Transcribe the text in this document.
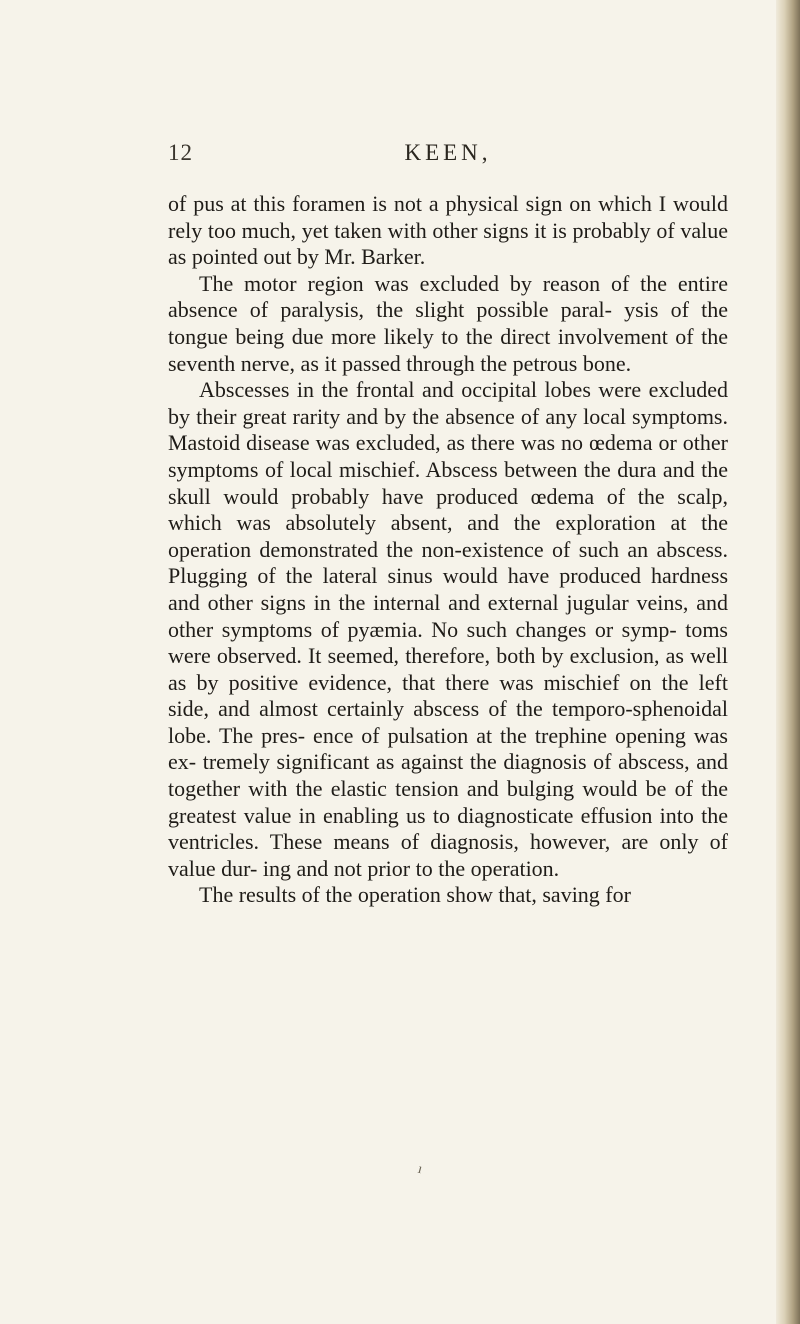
12	KEEN,

of pus at this foramen is not a physical sign on which I would rely too much, yet taken with other signs it is probably of value as pointed out by Mr. Barker.

The motor region was excluded by reason of the entire absence of paralysis, the slight possible paral- ysis of the tongue being due more likely to the direct involvement of the seventh nerve, as it passed through the petrous bone.

Abscesses in the frontal and occipital lobes were excluded by their great rarity and by the absence of any local symptoms. Mastoid disease was excluded, as there was no œdema or other symptoms of local mischief. Abscess between the dura and the skull would probably have produced œdema of the scalp, which was absolutely absent, and the exploration at the operation demonstrated the non-existence of such an abscess. Plugging of the lateral sinus would have produced hardness and other signs in the internal and external jugular veins, and other symptoms of pyæmia. No such changes or symp- toms were observed. It seemed, therefore, both by exclusion, as well as by positive evidence, that there was mischief on the left side, and almost certainly abscess of the temporo-sphenoidal lobe. The pres- ence of pulsation at the trephine opening was ex- tremely significant as against the diagnosis of abscess, and together with the elastic tension and bulging would be of the greatest value in enabling us to diagnosticate effusion into the ventricles. These means of diagnosis, however, are only of value dur- ing and not prior to the operation.

The results of the operation show that, saving for

ı
